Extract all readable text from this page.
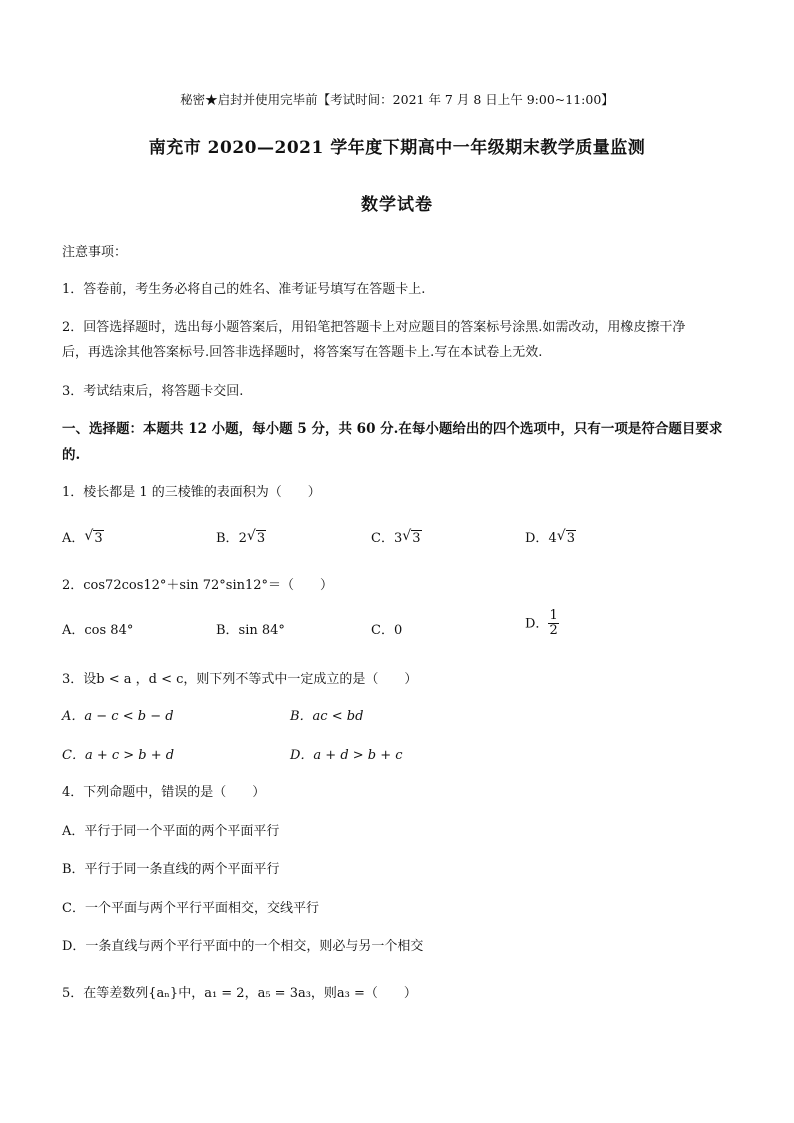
秘密★启封并使用完毕前【考试时间：2021 年 7 月 8 日上午 9:00~11:00】
南充市 2020—2021 学年度下期高中一年级期末教学质量监测
数学试卷
注意事项：
1．答卷前，考生务必将自己的姓名、准考证号填写在答题卡上.
2．回答选择题时，选出每小题答案后，用铅笔把答题卡上对应题目的答案标号涂黑.如需改动，用橡皮擦干净
后，再选涂其他答案标号.回答非选择题时，将答案写在答题卡上.写在本试卷上无效.
3．考试结束后，将答题卡交回.
一、选择题：本题共 12 小题，每小题 5 分，共 60 分.在每小题给出的四个选项中，只有一项是符合题目要求
的.
1．棱长都是 1 的三棱锥的表面积为（　　）
A． √ 3	B．2 √ 3	C．3 √ 3	D．4 √ 3
2．cos72cos12°＋sin 72°sin12°＝（　　）
A．cos 84°	B．sin 84°	C．0	D． $\frac{1}{2}$
3．设b < a ，d < c，则下列不等式中一定成立的是（　　）
A．a − c < b − d	B．ac < bd
C．a + c > b + d	D．a + d > b + c
4．下列命题中，错误的是（　　）
A．平行于同一个平面的两个平面平行
B．平行于同一条直线的两个平面平行
C．一个平面与两个平行平面相交，交线平行
D．一条直线与两个平行平面中的一个相交，则必与另一个相交
5．在等差数列{aₙ}中，a₁ = 2，a₅ = 3a₃，则a₃ =（　　）
